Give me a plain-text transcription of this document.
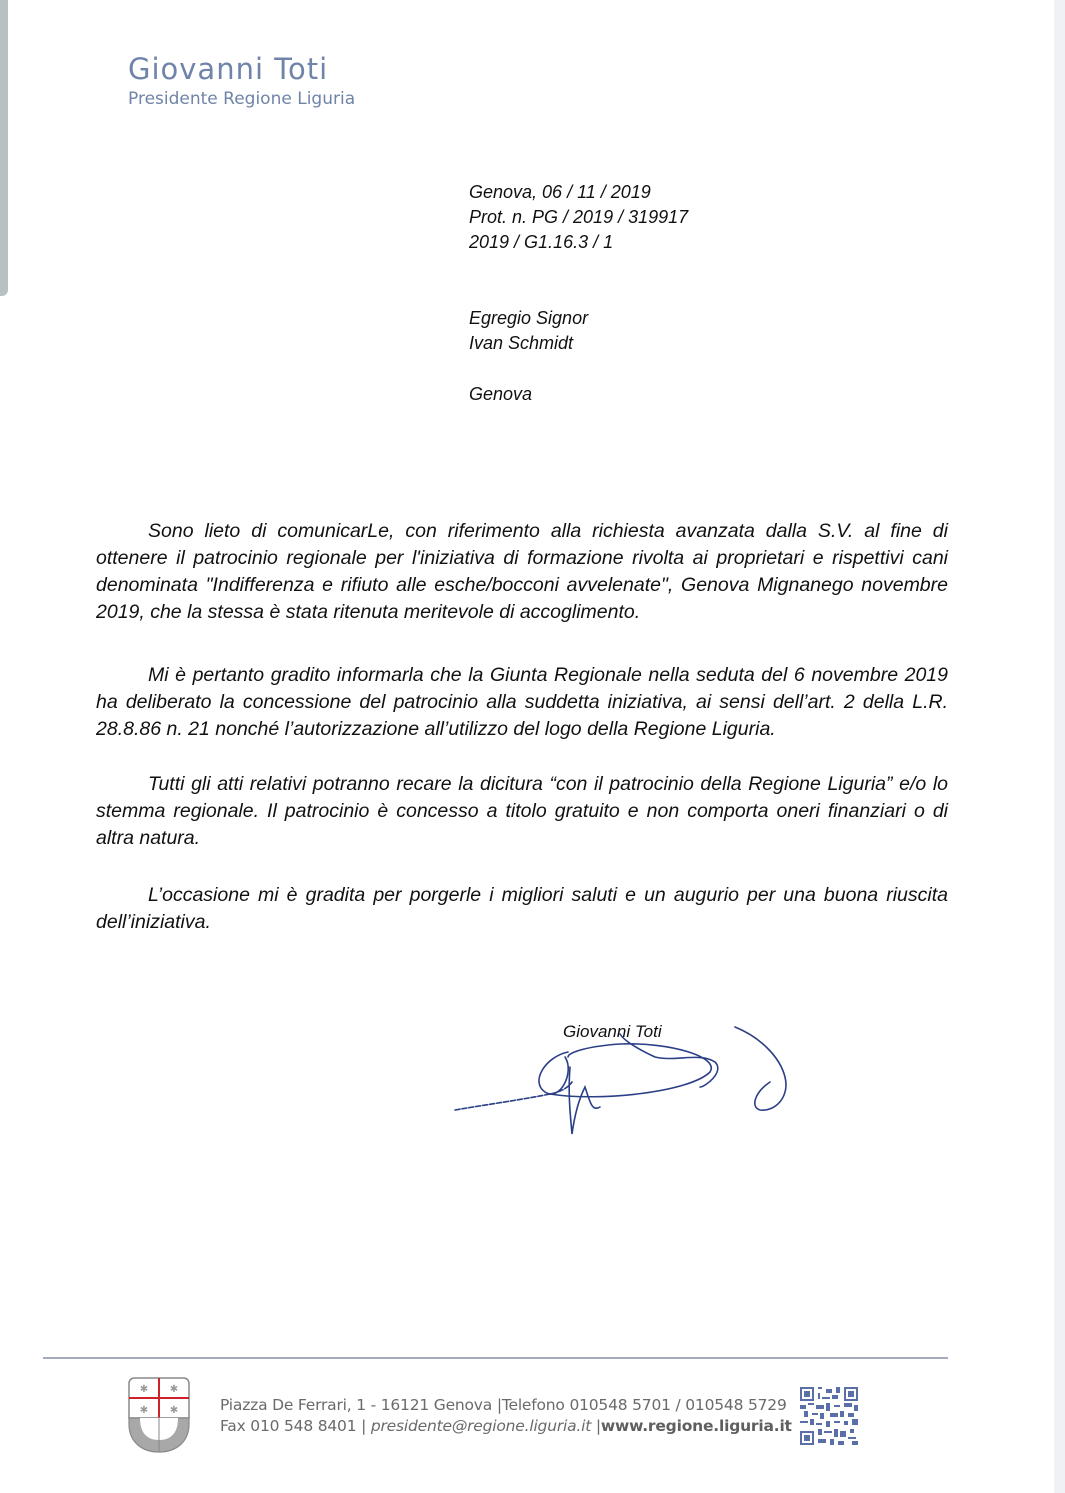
Giovanni Toti
Presidente Regione Liguria
Genova, 06 / 11 / 2019
Prot. n. PG / 2019 / 319917
2019 / G1.16.3 / 1
Egregio Signor
Ivan Schmidt
Genova
Sono lieto di comunicarLe, con riferimento alla richiesta avanzata dalla S.V. al fine di ottenere il patrocinio regionale per l'iniziativa di formazione rivolta ai proprietari e rispettivi cani denominata "Indifferenza e rifiuto alle esche/bocconi avvelenate", Genova Mignanego novembre 2019, che la stessa è stata ritenuta meritevole di accoglimento.
Mi è pertanto gradito informarla che la Giunta Regionale nella seduta del 6 novembre 2019 ha deliberato la concessione del patrocinio alla suddetta iniziativa, ai sensi dell’art. 2 della L.R. 28.8.86 n. 21 nonché l’autorizzazione all’utilizzo del logo della Regione Liguria.
Tutti gli atti relativi potranno recare la dicitura “con il patrocinio della Regione Liguria” e/o lo stemma regionale. Il patrocinio è concesso a titolo gratuito e non comporta oneri finanziari o di altra natura.
L’occasione mi è gradita per porgerle i migliori saluti e un augurio per una buona riuscita dell’iniziativa.
Giovanni Toti
✱ ✱
✱ ✱	Piazza De Ferrari, 1 - 16121 Genova |Telefono 010548 5701 / 010548 5729
Fax 010 548 8401 | presidente@regione.liguria.it |www.regione.liguria.it
